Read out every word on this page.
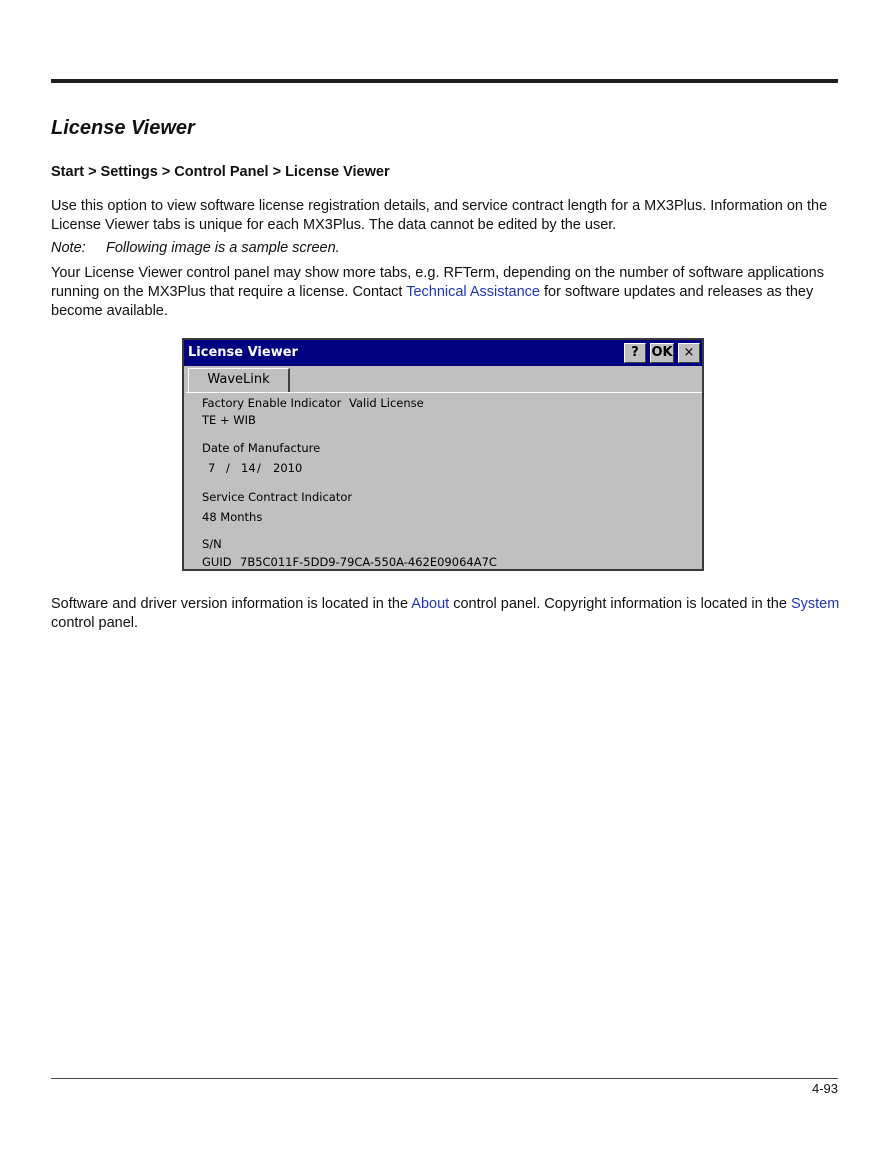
License Viewer
Start > Settings > Control Panel > License Viewer

Use this option to view software license registration details, and service contract length for a MX3Plus. Information on the License Viewer tabs is unique for each MX3Plus. The data cannot be edited by the user.

Note: Following image is a sample screen.

Your License Viewer control panel may show more tabs, e.g. RFTerm, depending on the number of software applications running on the MX3Plus that require a license. Contact Technical Assistance for software updates and releases as they become available.

License Viewer	? OK ×
WaveLink
Factory Enable Indicator Valid License
TE + WIB
Date of Manufacture
7 / 14 / 2010
Service Contract Indicator
48 Months
S/N
GUID 7B5C011F-5DD9-79CA-550A-462E09064A7C

Software and driver version information is located in the About control panel. Copyright information is located in the System control panel.

4-93
